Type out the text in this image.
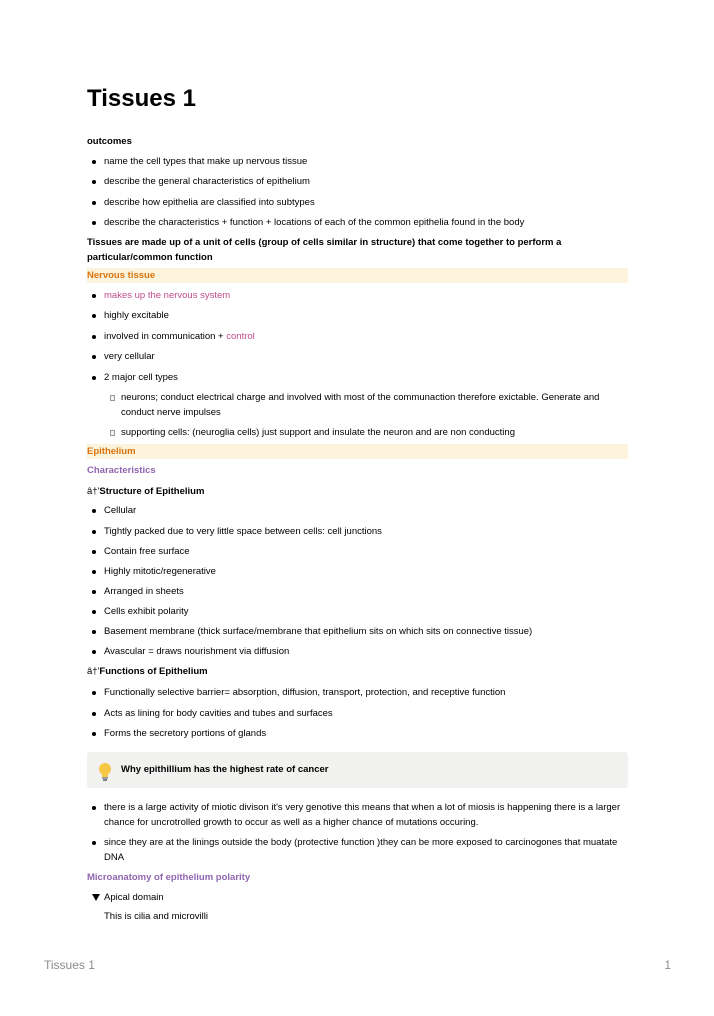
Tissues 1
outcomes
name the cell types that make up nervous tissue
describe the general characteristics of epithelium
describe how epithelia are classified into subtypes
describe the characteristics + function + locations of each of the common epithelia found in the body
Tissues are made up of a unit of cells (group of cells similar in structure) that come together to perform a particular/common function
Nervous tissue
makes up the nervous system
highly excitable
involved in communication + control
very cellular
2 major cell types
neurons; conduct electrical charge and involved with most of the communaction therefore exictable. Generate and conduct nerve impulses
supporting cells: (neuroglia cells) just support and insulate the neuron and are non conducting
Epithelium
Characteristics
â†'Structure of Epithelium
Cellular
Tightly packed due to very little space between cells: cell junctions
Contain free surface
Highly mitotic/regenerative
Arranged in sheets
Cells exhibit polarity
Basement membrane (thick surface/membrane that epithelium sits on which sits on connective tissue)
Avascular = draws nourishment via diffusion
â†'Functions of Epithelium
Functionally selective barrier= absorption, diffusion, transport, protection, and receptive function
Acts as lining for body cavities and tubes and surfaces
Forms the secretory portions of glands
Why epithillium has the highest rate of cancer
there is a large activity of miotic divison it's very genotive this means that when a lot of miosis is happening there is a larger chance for uncrotrolled growth to occur as well as a higher chance of mutations occuring.
since they are at the linings outside the body (protective function )they can be more exposed to carcinogones that muatate DNA
Microanatomy of epithelium polarity
Apical domain
This is cilia and microvilli
Tissues 1	1
